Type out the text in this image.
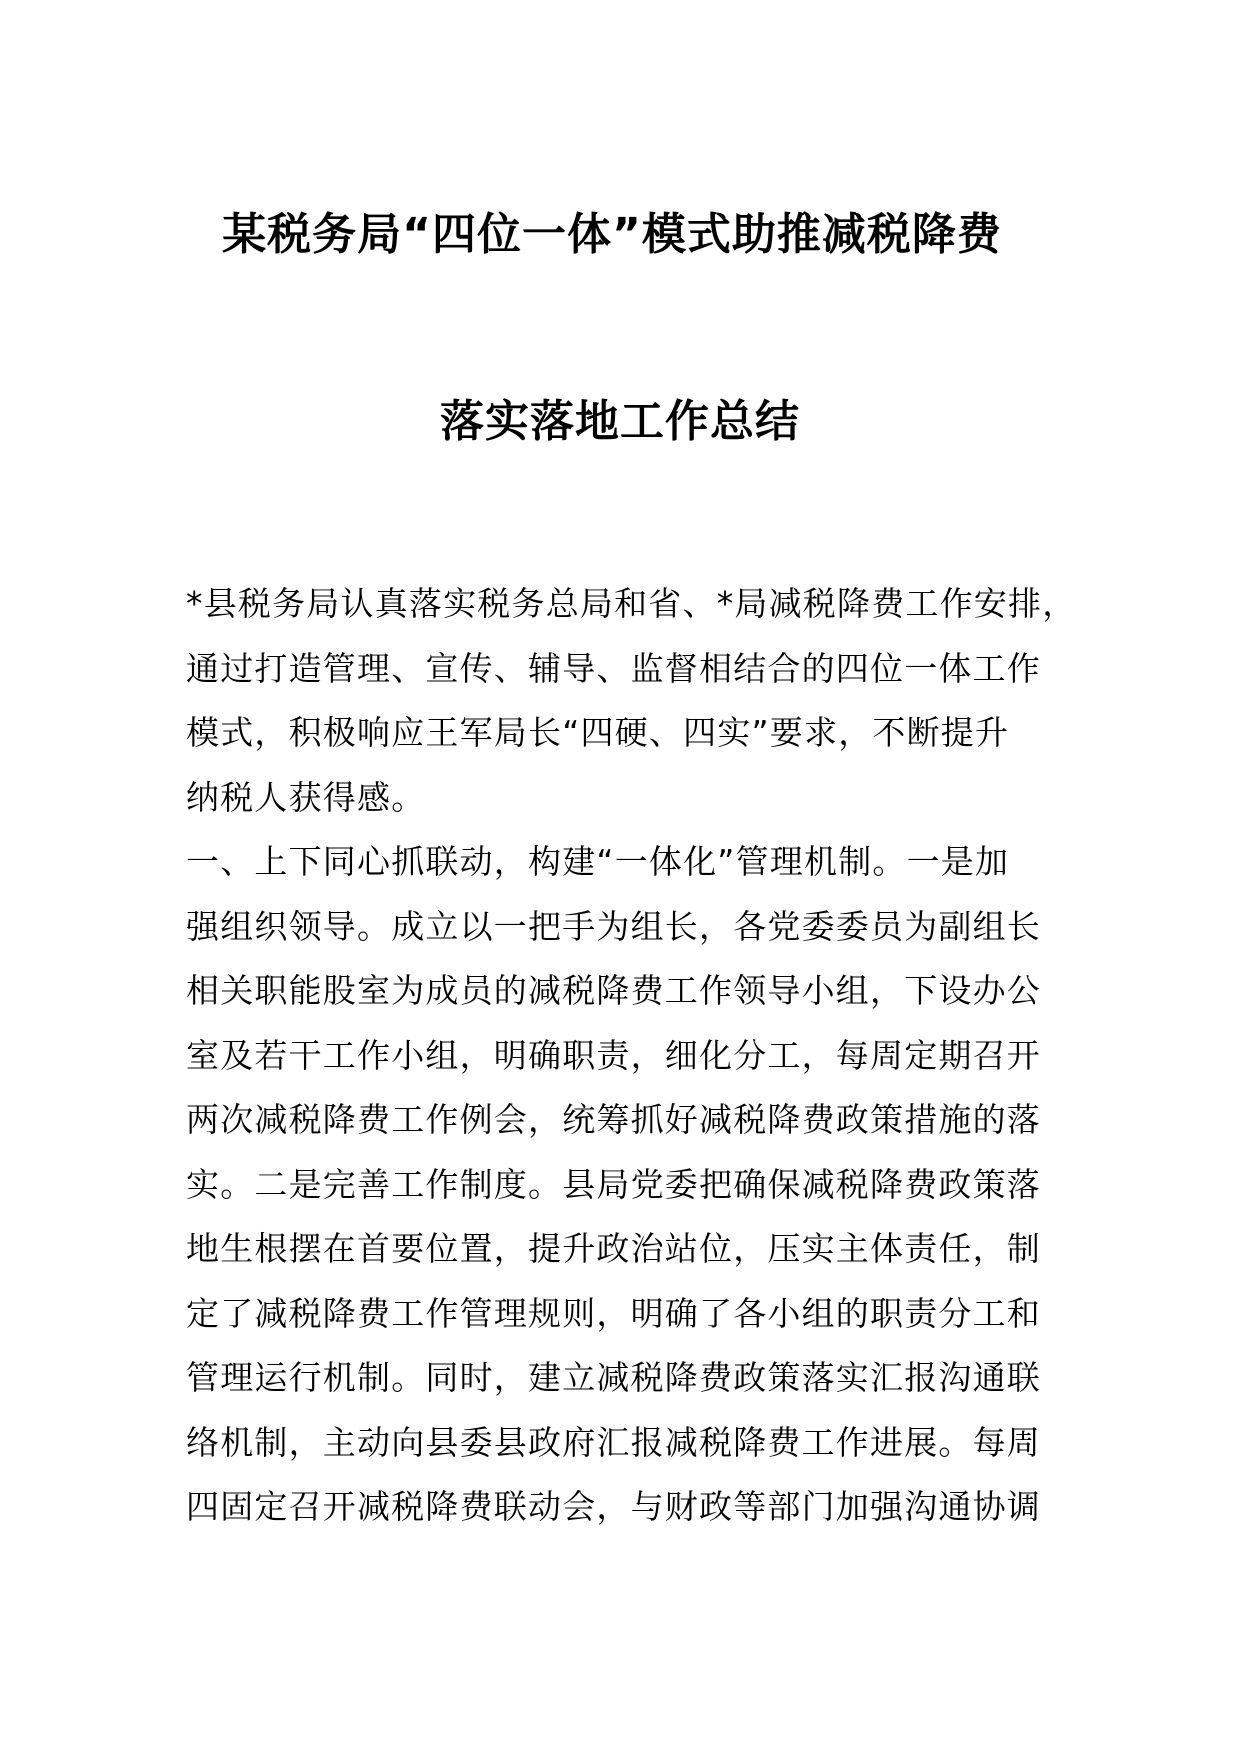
某税务局“四位一体”模式助推减税降费
落实落地工作总结
*县税务局认真落实税务总局和省、*局减税降费工作安排，
通过打造管理、宣传、辅导、监督相结合的四位一体工作
模式，积极响应王军局长“四硬、四实”要求，不断提升
纳税人获得感。
一、上下同心抓联动，构建“一体化”管理机制。一是加
强组织领导。成立以一把手为组长，各党委委员为副组长
相关职能股室为成员的减税降费工作领导小组，下设办公
室及若干工作小组，明确职责，细化分工，每周定期召开
两次减税降费工作例会，统筹抓好减税降费政策措施的落
实。二是完善工作制度。县局党委把确保减税降费政策落
地生根摆在首要位置，提升政治站位，压实主体责任，制
定了减税降费工作管理规则，明确了各小组的职责分工和
管理运行机制。同时，建立减税降费政策落实汇报沟通联
络机制，主动向县委县政府汇报减税降费工作进展。每周
四固定召开减税降费联动会，与财政等部门加强沟通协调
